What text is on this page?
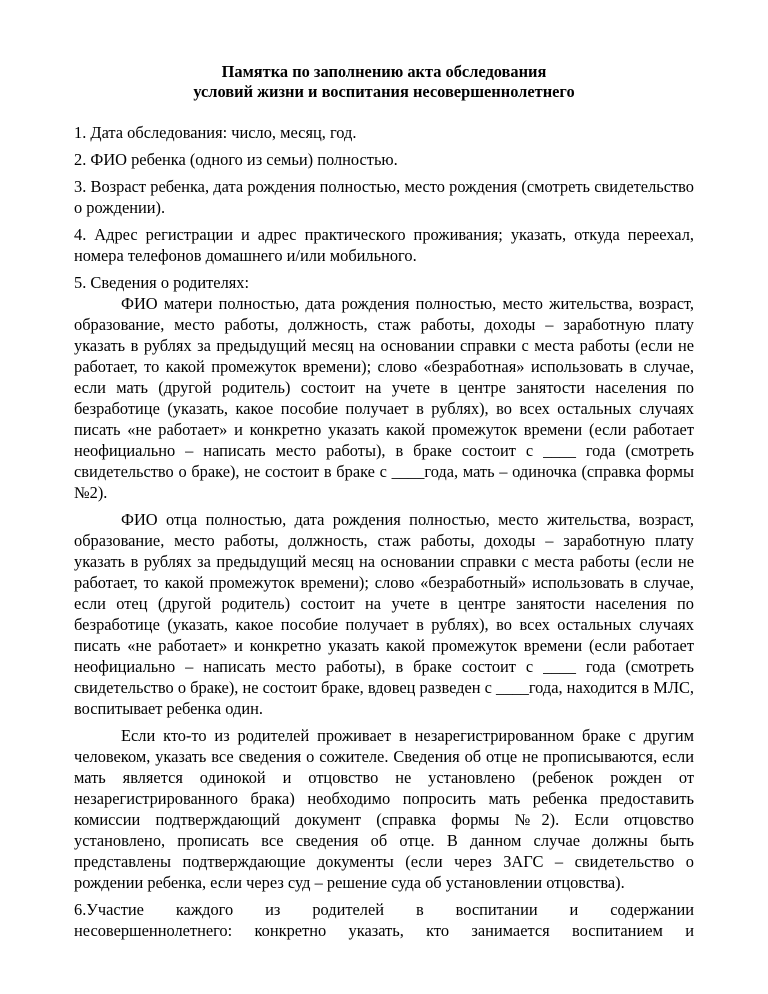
Памятка по заполнению акта обследования
условий жизни и воспитания несовершеннолетнего

1. Дата обследования: число, месяц, год.

2. ФИО ребенка (одного из семьи) полностью.

3. Возраст ребенка, дата рождения полностью, место рождения (смотреть свидетельство о рождении).

4. Адрес регистрации и адрес практического проживания; указать, откуда переехал, номера телефонов домашнего и/или мобильного.

5. Сведения о родителях:

ФИО матери полностью, дата рождения полностью, место жительства, возраст, образование, место работы, должность, стаж работы, доходы – заработную плату указать в рублях за предыдущий месяц на основании справки с места работы (если не работает, то какой промежуток времени); слово «безработная» использовать в случае, если мать (другой родитель) состоит на учете в центре занятости населения по безработице (указать, какое пособие получает в рублях), во всех остальных случаях писать «не работает» и конкретно указать какой промежуток времени (если работает неофициально – написать место работы), в браке состоит с ____ года (смотреть свидетельство о браке), не состоит в браке с ____года, мать – одиночка (справка формы №2).

ФИО отца полностью, дата рождения полностью, место жительства, возраст, образование, место работы, должность, стаж работы, доходы – заработную плату указать в рублях за предыдущий месяц на основании справки с места работы (если не работает, то какой промежуток времени); слово «безработный» использовать в случае, если отец (другой родитель) состоит на учете в центре занятости населения по безработице (указать, какое пособие получает в рублях), во всех остальных случаях писать «не работает» и конкретно указать какой промежуток времени (если работает неофициально – написать место работы), в браке состоит с ____ года (смотреть свидетельство о браке), не состоит браке, вдовец разведен с ____года, находится в МЛС, воспитывает ребенка один.

Если кто-то из родителей проживает в незарегистрированном браке с другим человеком, указать все сведения о сожителе. Сведения об отце не прописываются, если мать является одинокой и отцовство не установлено (ребенок рожден от незарегистрированного брака) необходимо попросить мать ребенка предоставить комиссии подтверждающий документ (справка формы №2). Если отцовство установлено, прописать все сведения об отце. В данном случае должны быть представлены подтверждающие документы (если через ЗАГС – свидетельство о рождении ребенка, если через суд – решение суда об установлении отцовства).

6.Участие каждого из родителей в воспитании и содержании

несовершеннолетнего: конкретно указать, кто занимается воспитанием и
